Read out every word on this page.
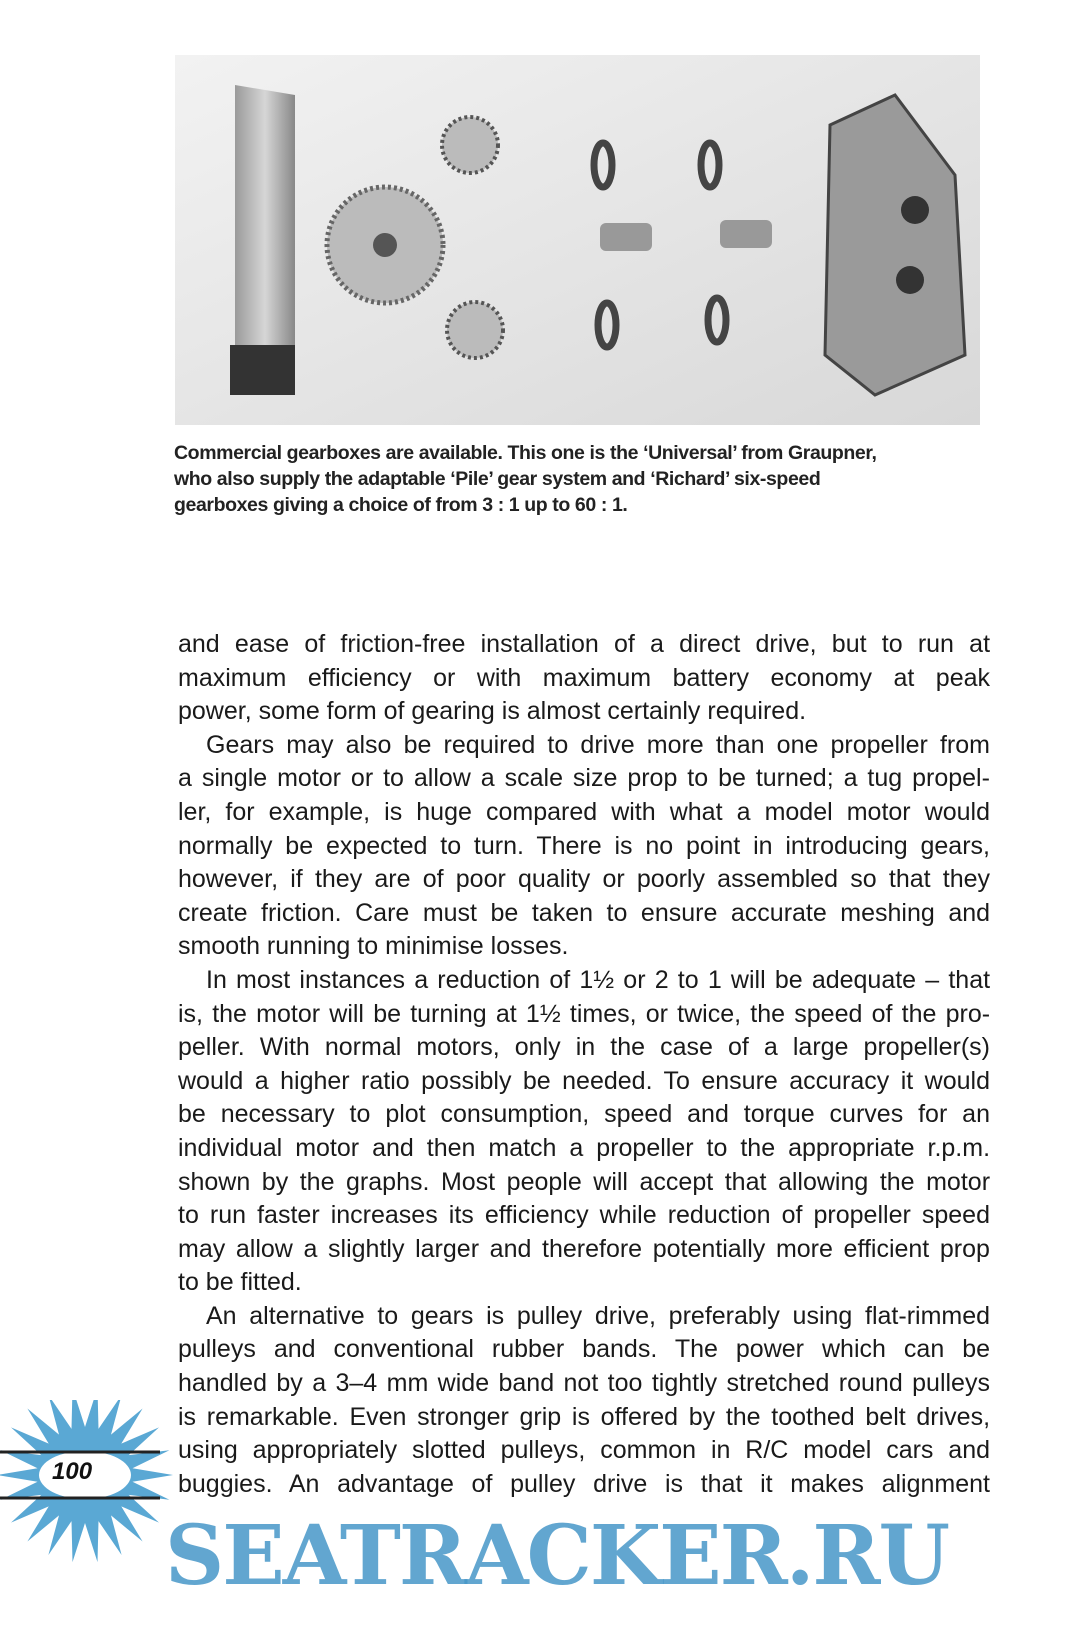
Commercial gearboxes are available. This one is the ‘Universal’ from Graupner,
who also supply the adaptable ‘Pile’ gear system and ‘Richard’ six-speed
gearboxes giving a choice of from 3 : 1 up to 60 : 1.
and ease of friction-free installation of a direct drive, but to run at
maximum efficiency or with maximum battery economy at peak
power, some form of gearing is almost certainly required.
Gears may also be required to drive more than one propeller from
a single motor or to allow a scale size prop to be turned; a tug propel-
ler, for example, is huge compared with what a model motor would
normally be expected to turn. There is no point in introducing gears,
however, if they are of poor quality or poorly assembled so that they
create friction. Care must be taken to ensure accurate meshing and
smooth running to minimise losses.
In most instances a reduction of 1½ or 2 to 1 will be adequate – that
is, the motor will be turning at 1½ times, or twice, the speed of the pro-
peller. With normal motors, only in the case of a large propeller(s)
would a higher ratio possibly be needed. To ensure accuracy it would
be necessary to plot consumption, speed and torque curves for an
individual motor and then match a propeller to the appropriate r.p.m.
shown by the graphs. Most people will accept that allowing the motor
to run faster increases its efficiency while reduction of propeller speed
may allow a slightly larger and therefore potentially more efficient prop
to be fitted.
An alternative to gears is pulley drive, preferably using flat-rimmed
pulleys and conventional rubber bands. The power which can be
handled by a 3–4 mm wide band not too tightly stretched round pulleys
is remarkable. Even stronger grip is offered by the toothed belt drives,
using appropriately slotted pulleys, common in R/C model cars and
buggies. An advantage of pulley drive is that it makes alignment
100
SEATRACKER.RU
